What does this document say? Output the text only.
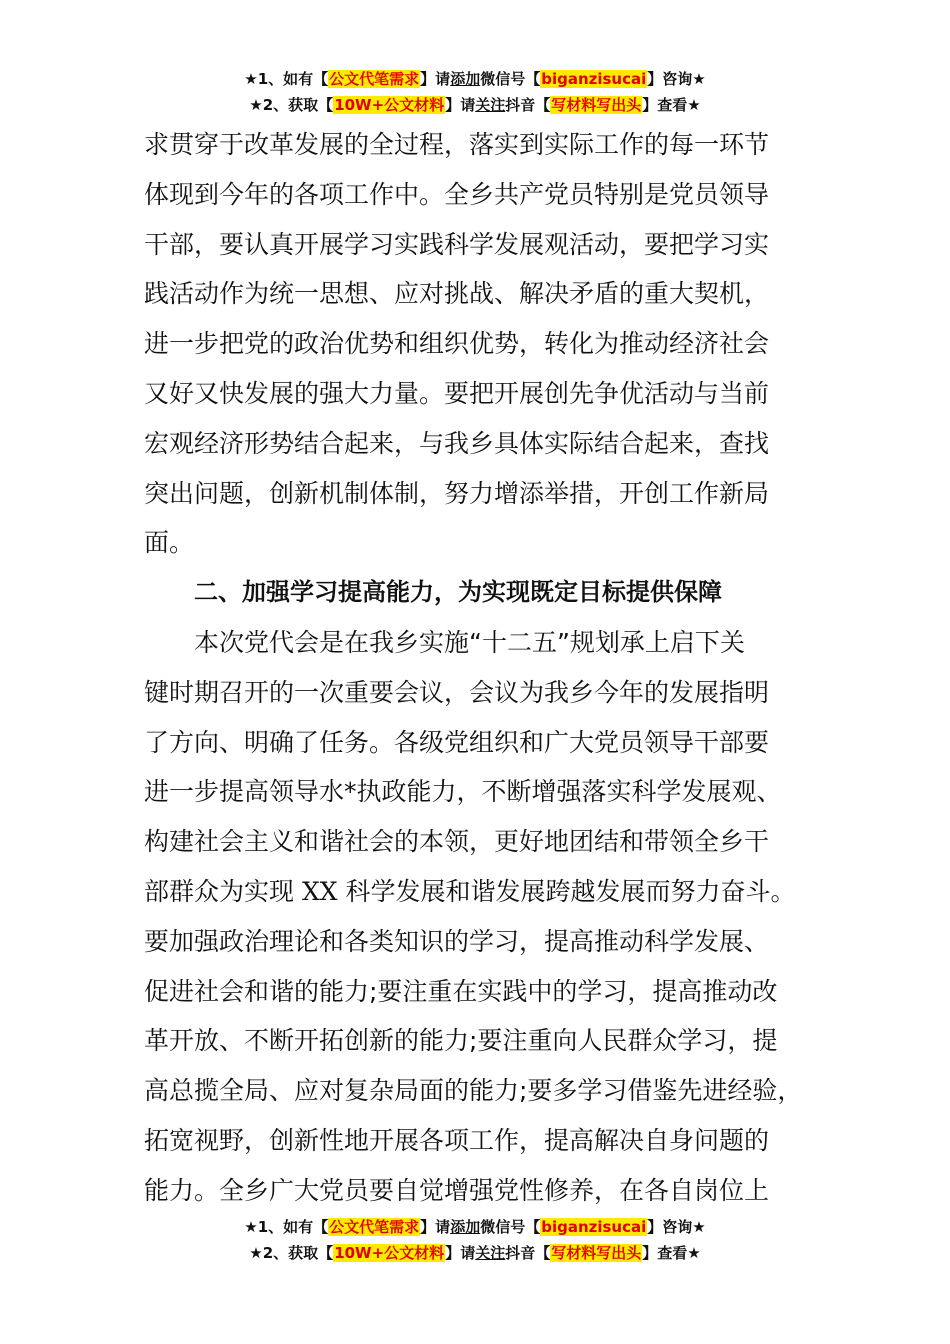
★1、如有【公文代笔需求】请添加微信号【biganzisucai】咨询★
★2、获取【10W+公文材料】请关注抖音【写材料写出头】查看★
求贯穿于改革发展的全过程，落实到实际工作的每一环节
体现到今年的各项工作中。全乡共产党员特别是党员领导
干部，要认真开展学习实践科学发展观活动，要把学习实
践活动作为统一思想、应对挑战、解决矛盾的重大契机，
进一步把党的政治优势和组织优势，转化为推动经济社会
又好又快发展的强大力量。要把开展创先争优活动与当前
宏观经济形势结合起来，与我乡具体实际结合起来，查找
突出问题，创新机制体制，努力增添举措，开创工作新局
面。
二、加强学习提高能力，为实现既定目标提供保障
本次党代会是在我乡实施“十二五”规划承上启下关
键时期召开的一次重要会议，会议为我乡今年的发展指明
了方向、明确了任务。各级党组织和广大党员领导干部要
进一步提高领导水*执政能力，不断增强落实科学发展观、
构建社会主义和谐社会的本领，更好地团结和带领全乡干
部群众为实现 XX 科学发展和谐发展跨越发展而努力奋斗。
要加强政治理论和各类知识的学习，提高推动科学发展、
促进社会和谐的能力;要注重在实践中的学习，提高推动改
革开放、不断开拓创新的能力;要注重向人民群众学习，提
高总揽全局、应对复杂局面的能力;要多学习借鉴先进经验，
拓宽视野，创新性地开展各项工作，提高解决自身问题的
能力。全乡广大党员要自觉增强党性修养，在各自岗位上
★1、如有【公文代笔需求】请添加微信号【biganzisucai】咨询★
★2、获取【10W+公文材料】请关注抖音【写材料写出头】查看★
